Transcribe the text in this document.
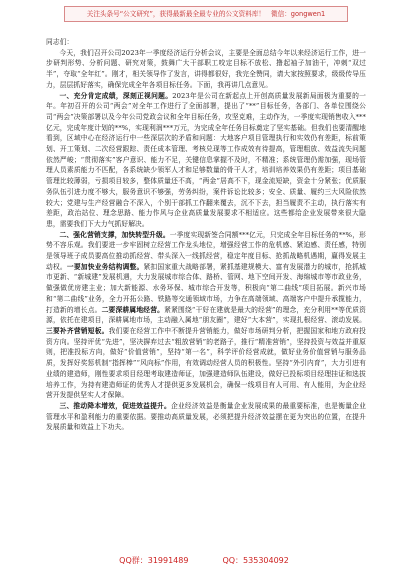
关注头条号“公文研究”，获得最新最全最专业的公文资料库！ 微信：gongwen1

同志们：

今天，我们召开公司2023年一季度经济运行分析会议，主要是全面总结今年以来经济运行工作，进一步研判形势、分析问题、研究对策，鼓舞广大干部职工咬定目标不放松、撸起袖子加油干，冲刺“双过半”，夺取“全年红”。刚才，相关领导作了发言，讲得都很好，我完全赞同，请大家按照要求，级级传导压力，层层抓好落实，确保完成全年各项目标任务。下面，我再讲几点意见。

一、充分肯定成绩，深刻正视问题。2023年是公司在新起点上开创高质量发展新局面极为重要的一年。年初召开的公司“两会”对全年工作进行了全面部署，提出了“**”目标任务，各部门、各单位围绕公司“两会”决策部署以及今年公司党政会议和全年目标任务，攻坚克难，主动作为，一季度实现销售收入***亿元，完成年度计划的**%，实现利润***万元，为完成全年任务目标奠定了坚实基础。但我们也要清醒地看到，区域中心在经济运行中一些深层次的矛盾和问题：大地客户项目管理执行和实效仍有差距，标前策划、开工策划、二次经营跟踪、责任成本管理、考核兑现等工作成效有待提高，管理粗放、效益流失问题依然严峻；“贯彻落实”客户意识、能力不足，关键信息掌握不及时，不精准；系统管理仍需加强，现场管理人员素质能力不匹配，各系统缺少领军人才和足够数量的骨干人才，培训培养效果仍有差距；项目基础管理比较薄弱，亏损项目较多，整体质量还不高，“两金”居高不下，现金流短缺，资金十分紧张；优质服务队伍引进力度不够大，服务意识不够强，劳务纠纷，案件诉讼比较多；安全、质量、履约三大风险依然较大；党建与生产经营融合不深入，个别干部抓工作翻来覆去，沉不下去，担当履责不主动，执行落实有差距，政治站位、理念思路、能力作风与企业高质量发展要求不相适应。这些都给企业发展带来很大隐患，需要我们下大力气抓好解决。

二、强化营销支撑，加快转型升级。一季度实现新签合同额***亿元，只完成全年目标任务的**%，形势不容乐观。我们要进一步牢固树立经营工作龙头地位，增强经营工作的危机感、紧迫感、责任感，特别是领导班子成员要高位推动抓经营、带头深入一线抓经营，稳定年度目标、抢抓战略机遇期，赢得发展主动权。一要加快业务结构调整。紧扣国家重大战略部署，紧抓基建规模大、富有发展潜力的城市，抢抓城市更新、“新城建”发展机遇，大力发展城市综合体、路桥、管网、地下空间开发、海绵城市等市政业务，做强做优房建主业；加大新能源、水务环保、城市综合开发等，积极向“第二曲线”项目拓展。新兴市场和“第二曲线”业务，全力开拓公路、铁路等交通领域市场，力争在高端领域、高端客户中提升承揽能力，打造新的增长点。二要深耕属地经营。紧紧围绕“干好在建就是最大的经营”的理念，充分利用**等优质资源，依托在建项目，深耕属地市场，主动融入属地“朋友圈”，建好“大本营”，实现扎根经营、滚动发展。三要补齐营销短板。我们要在经营工作中不断提升营销能力，做好市场研判分析，把握国家和地方政府投资方向。坚持评优“先进”，坚决摒弃过去“粗放营销”的老路子，推行“精准营销”，坚持投资与效益并重原则，把准投标方向，做好“价值营销”，坚持“第一名”，科学评价经营成就，做好业务价值营销与服务品质，发挥好奖惩机制“指挥棒”“风向标”作用，有效调动经营人员的积极性。坚持“外引内育”，大力引进有业绩的建造师，刚性要求项目经理考取建造师证，加强建造师队伍建设，做好已投标项目经理挂证和选拔培养工作，为持有建造师证的优秀人才提供更多发展机会，确保一线项目有人可用、有人能用，为企业经营开发提供坚实人才保障。

三、推动降本增效，促进效益提升。企业经济效益是衡量企业发展成果的最重要标准，也是衡量企业管理水平和盈利能力的重要依据。要推动高质量发展，必须把提升经济效益摆在更为突出的位置，在提升发展质量和效益上下功夫。

QQ群：31991489	QQ：535304092
